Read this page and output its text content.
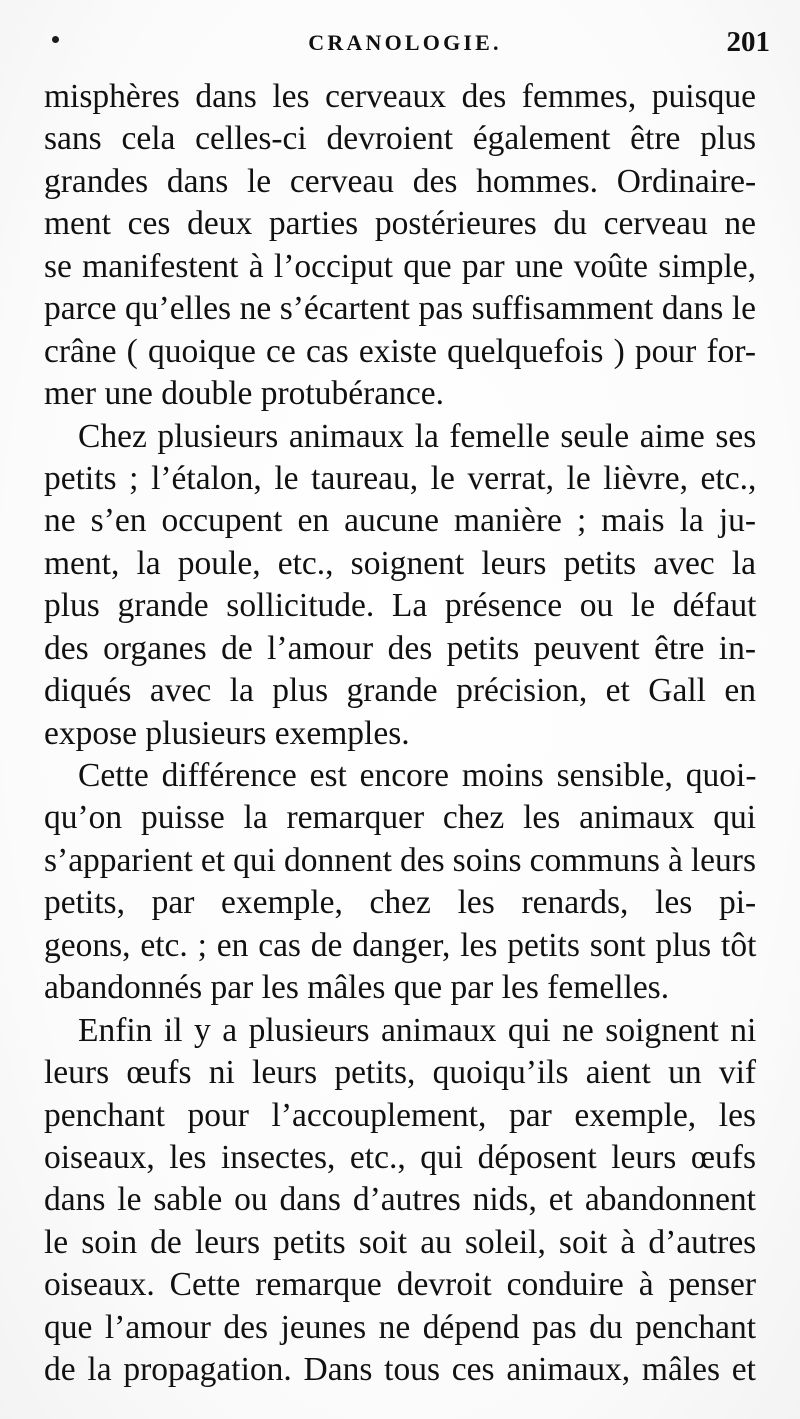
CRANOLOGIE.	201
misphères dans les cerveaux des femmes, puisque
sans cela celles-ci devroient également être plus
grandes dans le cerveau des hommes. Ordinaire-
ment ces deux parties postérieures du cerveau ne
se manifestent à l’occiput que par une voûte simple,
parce qu’elles ne s’écartent pas suffisamment dans le
crâne ( quoique ce cas existe quelquefois ) pour for-
mer une double protubérance.
Chez plusieurs animaux la femelle seule aime ses
petits ; l’étalon, le taureau, le verrat, le lièvre, etc.,
ne s’en occupent en aucune manière ; mais la ju-
ment, la poule, etc., soignent leurs petits avec la
plus grande sollicitude. La présence ou le défaut
des organes de l’amour des petits peuvent être in-
diqués avec la plus grande précision, et Gall en
expose plusieurs exemples.
Cette différence est encore moins sensible, quoi-
qu’on puisse la remarquer chez les animaux qui
s’apparient et qui donnent des soins communs à leurs
petits, par exemple, chez les renards, les pi-
geons, etc. ; en cas de danger, les petits sont plus tôt
abandonnés par les mâles que par les femelles.
Enfin il y a plusieurs animaux qui ne soignent ni
leurs œufs ni leurs petits, quoiqu’ils aient un vif
penchant pour l’accouplement, par exemple, les
oiseaux, les insectes, etc., qui déposent leurs œufs
dans le sable ou dans d’autres nids, et abandonnent
le soin de leurs petits soit au soleil, soit à d’autres
oiseaux. Cette remarque devroit conduire à penser
que l’amour des jeunes ne dépend pas du penchant
de la propagation. Dans tous ces animaux, mâles et
